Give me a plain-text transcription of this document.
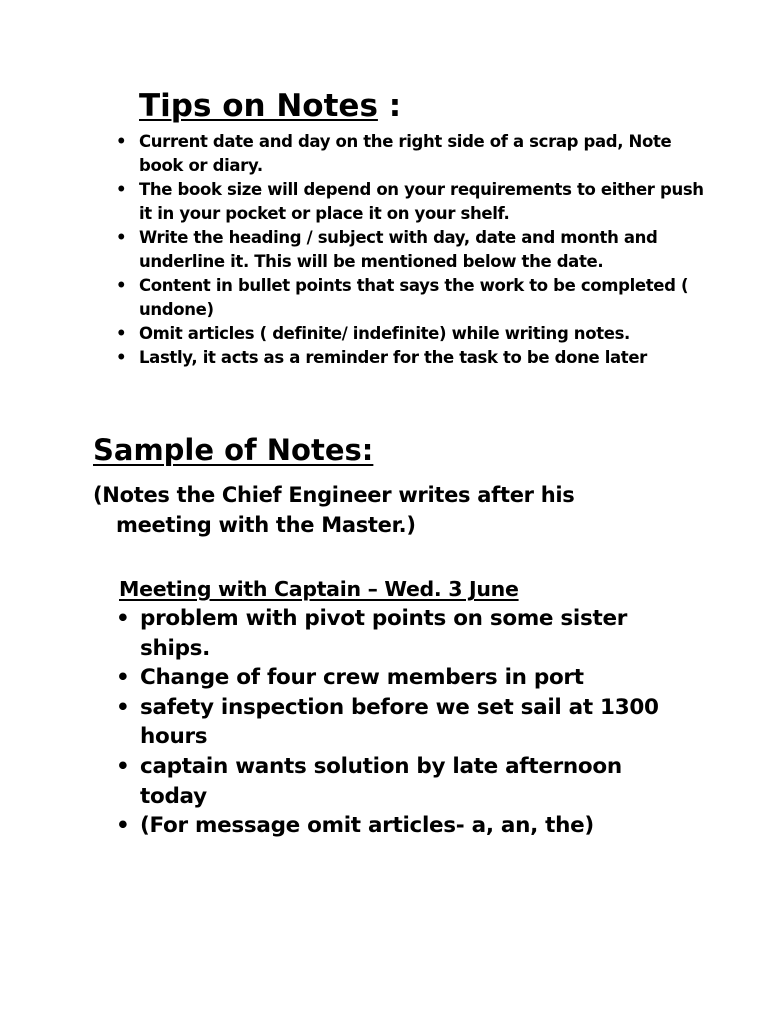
Tips on Notes :
• Current date and day on the right side of a scrap pad, Note book or diary.
• The book size will depend on your requirements to either push it in your pocket or place it on your shelf.
• Write the heading / subject with day, date and month and underline it. This will be mentioned below the date.
• Content in bullet points that says the work to be completed ( undone)
• Omit articles ( definite/ indefinite) while writing notes.
• Lastly, it acts as a reminder for the task to be done later
Sample of Notes:

(Notes the Chief Engineer writes after his meeting with the Master.)

Meeting with Captain – Wed. 3 June

• problem with pivot points on some sister ships.
• Change of four crew members in port
• safety inspection before we set sail at 1300 hours
• captain wants solution by late afternoon today
• (For message omit articles- a, an, the)
